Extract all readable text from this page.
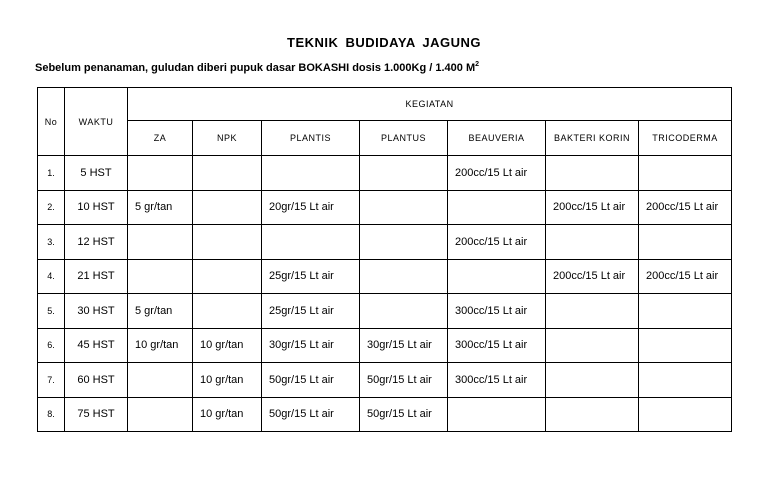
TEKNIK BUDIDAYA JAGUNG
Sebelum penanaman, guludan diberi pupuk dasar BOKASHI dosis 1.000Kg / 1.400 $M^2$
No	WAKTU	KEGIATAN						
		ZA	NPK	PLANTIS	PLANTUS	BEAUVERIA	BAKTERI KORIN	TRICODERMA
1.	5 HST					200cc/15 Lt air		
2.	10 HST	5 gr/tan		20gr/15 Lt air			200cc/15 Lt air	200cc/15 Lt air
3.	12 HST					200cc/15 Lt air		
4.	21 HST			25gr/15 Lt air			200cc/15 Lt air	200cc/15 Lt air
5.	30 HST	5 gr/tan		25gr/15 Lt air		300cc/15 Lt air		
6.	45 HST	10 gr/tan	10 gr/tan	30gr/15 Lt air	30gr/15 Lt air	300cc/15 Lt air		
7.	60 HST		10 gr/tan	50gr/15 Lt air	50gr/15 Lt air	300cc/15 Lt air		
8.	75 HST		10 gr/tan	50gr/15 Lt air	50gr/15 Lt air			
